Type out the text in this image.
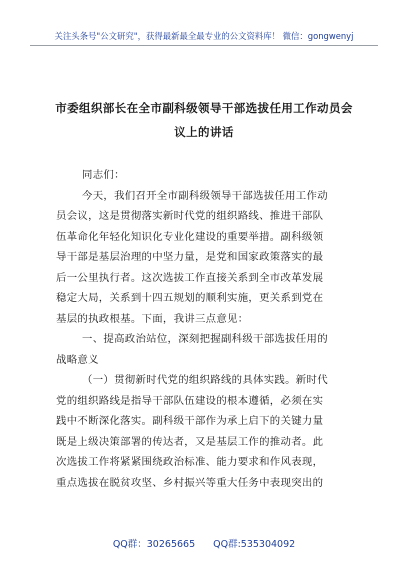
关注头条号"公文研究"，获得最新最全最专业的公文资料库！ 微信：gongwenyj
市委组织部长在全市副科级领导干部选拔任用工作动员会
议上的讲话
同志们：
今天，我们召开全市副科级领导干部选拔任用工作动
员会议，这是贯彻落实新时代党的组织路线、推进干部队
伍革命化年轻化知识化专业化建设的重要举措。副科级领
导干部是基层治理的中坚力量，是党和国家政策落实的最
后一公里执行者。这次选拔工作直接关系到全市改革发展
稳定大局，关系到十四五规划的顺利实施，更关系到党在
基层的执政根基。下面，我讲三点意见：
一、提高政治站位，深刻把握副科级干部选拔任用的
战略意义
（一）贯彻新时代党的组织路线的具体实践。新时代
党的组织路线是指导干部队伍建设的根本遵循，必须在实
践中不断深化落实。副科级干部作为承上启下的关键力量
既是上级决策部署的传达者，又是基层工作的推动者。此
次选拔工作将紧紧围绕政治标准、能力要求和作风表现，
重点选拔在脱贫攻坚、乡村振兴等重大任务中表现突出的
QQ群：30265665 QQ群:535304092
